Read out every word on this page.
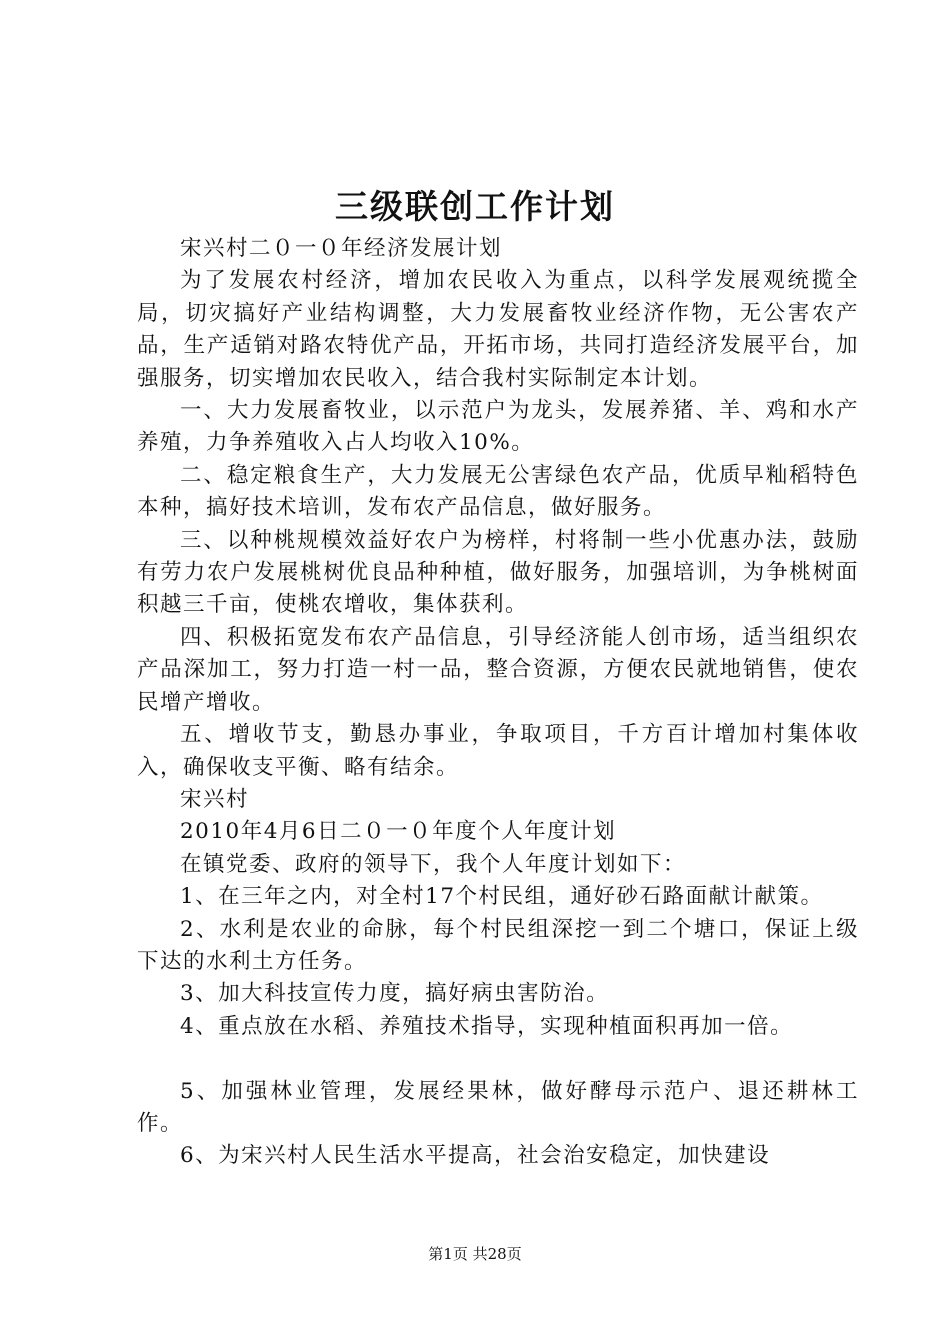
三级联创工作计划

宋兴村二０一０年经济发展计划

为了发展农村经济，增加农民收入为重点，以科学发展观统揽全局，切灾搞好产业结构调整，大力发展畜牧业经济作物，无公害农产品，生产适销对路农特优产品，开拓市场，共同打造经济发展平台，加强服务，切实增加农民收入，结合我村实际制定本计划。

一、大力发展畜牧业，以示范户为龙头，发展养猪、羊、鸡和水产养殖，力争养殖收入占人均收入10%。

二、稳定粮食生产，大力发展无公害绿色农产品，优质早籼稻特色本种，搞好技术培训，发布农产品信息，做好服务。

三、以种桃规模效益好农户为榜样，村将制一些小优惠办法，鼓励有劳力农户发展桃树优良品种种植，做好服务，加强培训，为争桃树面积越三千亩，使桃农增收，集体获利。

四、积极拓宽发布农产品信息，引导经济能人创市场，适当组织农产品深加工，努力打造一村一品，整合资源，方便农民就地销售，使农民增产增收。

五、增收节支，勤恳办事业，争取项目，千方百计增加村集体收入，确保收支平衡、略有结余。

宋兴村

2010年4月6日二０一０年度个人年度计划

在镇党委、政府的领导下，我个人年度计划如下：

1、在三年之内，对全村17个村民组，通好砂石路面献计献策。

2、水利是农业的命脉，每个村民组深挖一到二个塘口，保证上级下达的水利土方任务。

3、加大科技宣传力度，搞好病虫害防治。

4、重点放在水稻、养殖技术指导，实现种植面积再加一倍。

5、加强林业管理，发展经果林，做好酵母示范户、退还耕林工作。

6、为宋兴村人民生活水平提高，社会治安稳定，加快建设

第1页 共28页
